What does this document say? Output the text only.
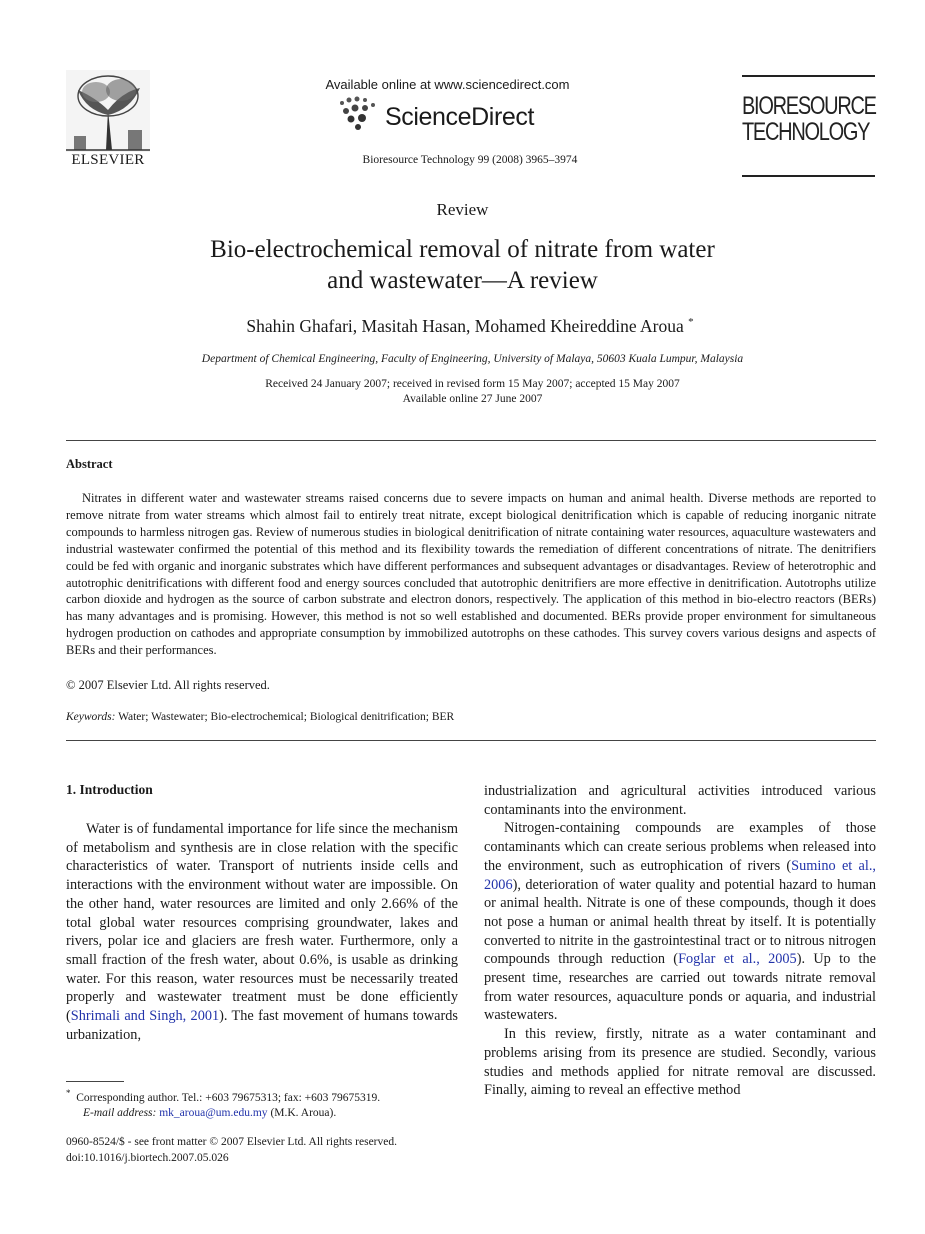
ELSEVIER
Available online at www.sciencedirect.com
ScienceDirect
Bioresource Technology 99 (2008) 3965–3974
BIORESOURCE
TECHNOLOGY
Review
Bio-electrochemical removal of nitrate from water
and wastewater—A review
Shahin Ghafari, Masitah Hasan, Mohamed Kheireddine Aroua *
Department of Chemical Engineering, Faculty of Engineering, University of Malaya, 50603 Kuala Lumpur, Malaysia
Received 24 January 2007; received in revised form 15 May 2007; accepted 15 May 2007
Available online 27 June 2007
Abstract
Nitrates in different water and wastewater streams raised concerns due to severe impacts on human and animal health. Diverse methods are reported to remove nitrate from water streams which almost fail to entirely treat nitrate, except biological denitrification which is capable of reducing inorganic nitrate compounds to harmless nitrogen gas. Review of numerous studies in biological denitrification of nitrate containing water resources, aquaculture wastewaters and industrial wastewater confirmed the potential of this method and its flexibility towards the remediation of different concentrations of nitrate. The denitrifiers could be fed with organic and inorganic substrates which have different performances and subsequent advantages or disadvantages. Review of heterotrophic and autotrophic denitrifications with different food and energy sources concluded that autotrophic denitrifiers are more effective in denitrification. Autotrophs utilize carbon dioxide and hydrogen as the source of carbon substrate and electron donors, respectively. The application of this method in bio-electro reactors (BERs) has many advantages and is promising. However, this method is not so well established and documented. BERs provide proper environment for simultaneous hydrogen production on cathodes and appropriate consumption by immobilized autotrophs on these cathodes. This survey covers various designs and aspects of BERs and their performances.
© 2007 Elsevier Ltd. All rights reserved.
Keywords: Water; Wastewater; Bio-electrochemical; Biological denitrification; BER
1. Introduction

Water is of fundamental importance for life since the mechanism of metabolism and synthesis are in close relation with the specific characteristics of water. Transport of nutrients inside cells and interactions with the environment without water are impossible. On the other hand, water resources are limited and only 2.66% of the total global water resources comprising groundwater, lakes and rivers, polar ice and glaciers are fresh water. Furthermore, only a small fraction of the fresh water, about 0.6%, is usable as drinking water. For this reason, water resources must be necessarily treated properly and wastewater treatment must be done efficiently (Shrimali and Singh, 2001). The fast movement of humans towards urbanization,

industrialization and agricultural activities introduced various contaminants into the environment.

Nitrogen-containing compounds are examples of those contaminants which can create serious problems when released into the environment, such as eutrophication of rivers (Sumino et al., 2006), deterioration of water quality and potential hazard to human or animal health. Nitrate is one of these compounds, though it does not pose a human or animal health threat by itself. It is potentially converted to nitrite in the gastrointestinal tract or to nitrous nitrogen compounds through reduction (Foglar et al., 2005). Up to the present time, researches are carried out towards nitrate removal from water resources, aquaculture ponds or aquaria, and industrial wastewaters.

In this review, firstly, nitrate as a water contaminant and problems arising from its presence are studied. Secondly, various studies and methods applied for nitrate removal are discussed. Finally, aiming to reveal an effective method

* Corresponding author. Tel.: +603 79675313; fax: +603 79675319.
E-mail address: mk_aroua@um.edu.my (M.K. Aroua).
0960-8524/$ - see front matter © 2007 Elsevier Ltd. All rights reserved.
doi:10.1016/j.biortech.2007.05.026
